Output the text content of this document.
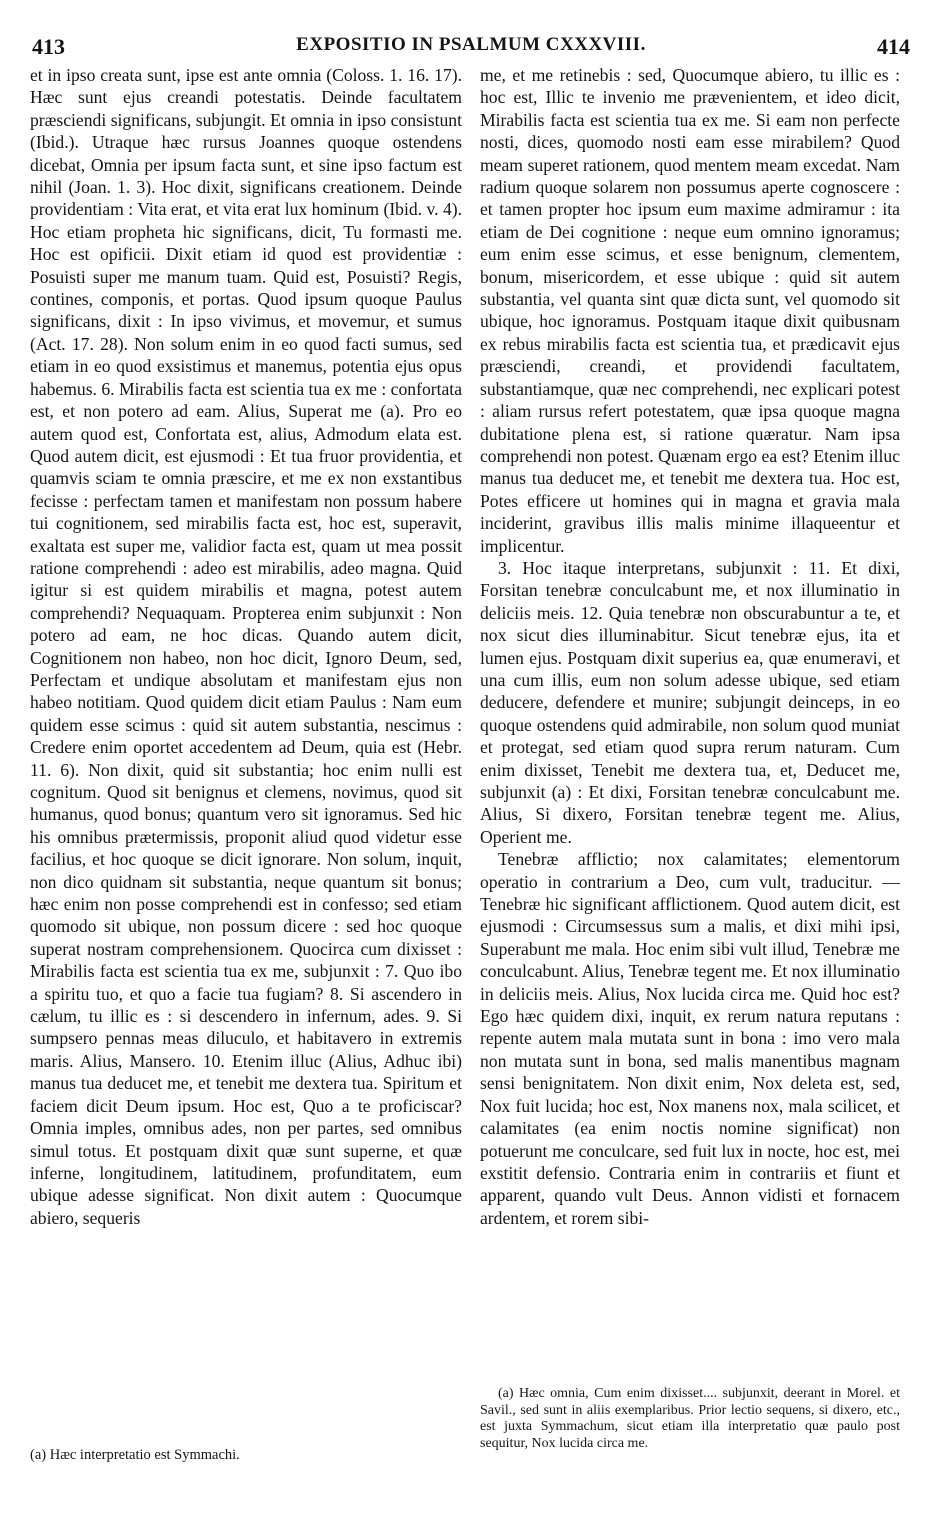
413	EXPOSITIO IN PSALMUM CXXXVIII.	414

et in ipso creata sunt, ipse est ante omnia (Coloss. 1. 16. 17). Hæc sunt ejus creandi potestatis. Deinde facultatem præsciendi significans, subjungit. Et omnia in ipso consistunt (Ibid.). Utraque hæc rursus Joannes quoque ostendens dicebat, Omnia per ipsum facta sunt, et sine ipso factum est nihil (Joan. 1. 3). Hoc dixit, significans creationem. Deinde providentiam : Vita erat, et vita erat lux hominum (Ibid. v. 4). Hoc etiam propheta hic significans, dicit, Tu formasti me. Hoc est opificii. Dixit etiam id quod est providentiæ : Posuisti super me manum tuam. Quid est, Posuisti? Regis, contines, componis, et portas. Quod ipsum quoque Paulus significans, dixit : In ipso vivimus, et movemur, et sumus (Act. 17. 28). Non solum enim in eo quod facti sumus, sed etiam in eo quod exsistimus et manemus, potentia ejus opus habemus. 6. Mirabilis facta est scientia tua ex me : confortata est, et non potero ad eam. Alius, Superat me (a). Pro eo autem quod est, Confortata est, alius, Admodum elata est. Quod autem dicit, est ejusmodi : Et tua fruor providentia, et quamvis sciam te omnia præscire, et me ex non exstantibus fecisse : perfectam tamen et manifestam non possum habere tui cognitionem, sed mirabilis facta est, hoc est, superavit, exaltata est super me, validior facta est, quam ut mea possit ratione comprehendi : adeo est mirabilis, adeo magna. Quid igitur si est quidem mirabilis et magna, potest autem comprehendi? Nequaquam. Propterea enim subjunxit : Non potero ad eam, ne hoc dicas. Quando autem dicit, Cognitionem non habeo, non hoc dicit, Ignoro Deum, sed, Perfectam et undique absolutam et manifestam ejus non habeo notitiam. Quod quidem dicit etiam Paulus : Nam eum quidem esse scimus : quid sit autem substantia, nescimus : Credere enim oportet accedentem ad Deum, quia est (Hebr. 11. 6). Non dixit, quid sit substantia; hoc enim nulli est cognitum. Quod sit benignus et clemens, novimus, quod sit humanus, quod bonus; quantum vero sit ignoramus. Sed hic his omnibus prætermissis, proponit aliud quod videtur esse facilius, et hoc quoque se dicit ignorare. Non solum, inquit, non dico quidnam sit substantia, neque quantum sit bonus; hæc enim non posse comprehendi est in confesso; sed etiam quomodo sit ubique, non possum dicere : sed hoc quoque superat nostram comprehensionem. Quocirca cum dixisset : Mirabilis facta est scientia tua ex me, subjunxit : 7. Quo ibo a spiritu tuo, et quo a facie tua fugiam? 8. Si ascendero in cælum, tu illic es : si descendero in infernum, ades. 9. Si sumpsero pennas meas diluculo, et habitavero in extremis maris. Alius, Mansero. 10. Etenim illuc (Alius, Adhuc ibi) manus tua deducet me, et tenebit me dextera tua. Spiritum et faciem dicit Deum ipsum. Hoc est, Quo a te proficiscar? Omnia imples, omnibus ades, non per partes, sed omnibus simul totus. Et postquam dixit quæ sunt superne, et quæ inferne, longitudinem, latitudinem, profunditatem, eum ubique adesse significat. Non dixit autem : Quocumque abiero, sequeris

me, et me retinebis : sed, Quocumque abiero, tu illic es : hoc est, Illic te invenio me prævenientem, et ideo dicit, Mirabilis facta est scientia tua ex me. Si eam non perfecte nosti, dices, quomodo nosti eam esse mirabilem? Quod meam superet rationem, quod mentem meam excedat. Nam radium quoque solarem non possumus aperte cognoscere : et tamen propter hoc ipsum eum maxime admiramur : ita etiam de Dei cognitione : neque eum omnino ignoramus; eum enim esse scimus, et esse benignum, clementem, bonum, misericordem, et esse ubique : quid sit autem substantia, vel quanta sint quæ dicta sunt, vel quomodo sit ubique, hoc ignoramus. Postquam itaque dixit quibusnam ex rebus mirabilis facta est scientia tua, et prædicavit ejus præsciendi, creandi, et providendi facultatem, substantiamque, quæ nec comprehendi, nec explicari potest : aliam rursus refert potestatem, quæ ipsa quoque magna dubitatione plena est, si ratione quæratur. Nam ipsa comprehendi non potest. Quænam ergo ea est? Etenim illuc manus tua deducet me, et tenebit me dextera tua. Hoc est, Potes efficere ut homines qui in magna et gravia mala inciderint, gravibus illis malis minime illaqueentur et implicentur.

3. Hoc itaque interpretans, subjunxit : 11. Et dixi, Forsitan tenebræ conculcabunt me, et nox illuminatio in deliciis meis. 12. Quia tenebræ non obscurabuntur a te, et nox sicut dies illuminabitur. Sicut tenebræ ejus, ita et lumen ejus. Postquam dixit superius ea, quæ enumeravi, et una cum illis, eum non solum adesse ubique, sed etiam deducere, defendere et munire; subjungit deinceps, in eo quoque ostendens quid admirabile, non solum quod muniat et protegat, sed etiam quod supra rerum naturam. Cum enim dixisset, Tenebit me dextera tua, et, Deducet me, subjunxit (a) : Et dixi, Forsitan tenebræ conculcabunt me. Alius, Si dixero, Forsitan tenebræ tegent me. Alius, Operient me.

Tenebræ afflictio; nox calamitates; elementorum operatio in contrarium a Deo, cum vult, traducitur. — Tenebræ hic significant afflictionem. Quod autem dicit, est ejusmodi : Circumsessus sum a malis, et dixi mihi ipsi, Superabunt me mala. Hoc enim sibi vult illud, Tenebræ me conculcabunt. Alius, Tenebræ tegent me. Et nox illuminatio in deliciis meis. Alius, Nox lucida circa me. Quid hoc est? Ego hæc quidem dixi, inquit, ex rerum natura reputans : repente autem mala mutata sunt in bona : imo vero mala non mutata sunt in bona, sed malis manentibus magnam sensi benignitatem. Non dixit enim, Nox deleta est, sed, Nox fuit lucida; hoc est, Nox manens nox, mala scilicet, et calamitates (ea enim noctis nomine significat) non potuerunt me conculcare, sed fuit lux in nocte, hoc est, mei exstitit defensio. Contraria enim in contrariis et fiunt et apparent, quando vult Deus. Annon vidisti et fornacem ardentem, et rorem sibi-

(a) Hæc interpretatio est Symmachi.

(a) Hæc omnia, Cum enim dixisset.... subjunxit, deerant in Morel. et Savil., sed sunt in aliis exemplaribus. Prior lectio sequens, si dixero, etc., est juxta Symmachum, sicut etiam illa interpretatio quæ paulo post sequitur, Nox lucida circa me.
